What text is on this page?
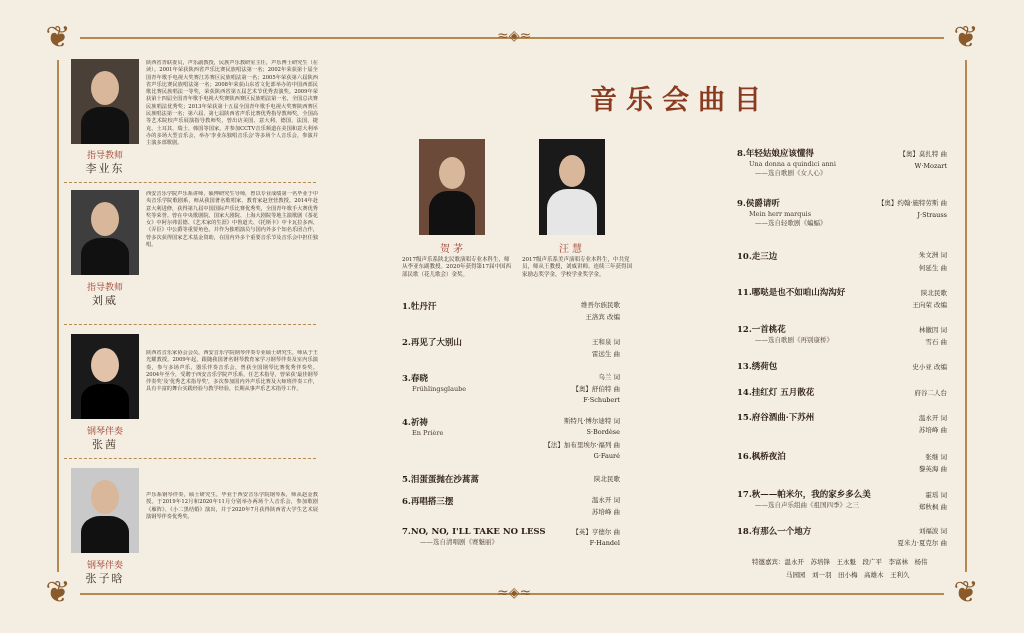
❦	❦
❦	❦
≈◈≈
≈◈≈
指导教师
李业东
陕西省青联委员，声乐副教授，民族声乐教研室主任，声乐博士研究生（在读）。2001年荣获陕西省声乐比赛民族唱法第一名；2002年荣获第十届全国青年歌手电视大奖赛江苏赛区民族唱法第一名；2005年荣获第六届陕西省声乐比赛民族唱法第一名；2008年荣获山东省文化部举办的中国西部民歌比赛民族唱法一等奖，荣获陕西省第五届艺术节优秀表演奖。2009年荣获第十四届全国青年歌手电视大奖赛陕西赛区民族唱法第一名，全国总决赛民族唱法优秀奖；2013年荣获第十五届全国青年歌手电视大奖赛陕西赛区民族唱法第一名；第六届、第七届陕西省声乐比赛优秀指导教师奖，全国高等艺术院校声乐展演指导教师奖，曾出访美国、意大利、德国、法国、捷克、土耳其、瑞士、韩国等国家。并参加CCTV音乐频道在美国和意大利举办的多场大型音乐会，举办'李业东独唱音乐会'等多场个人音乐会，参演并主演多部歌剧。
指导教师
刘威
西安音乐学院声乐系讲师，硕博研究生导师，曾以专业成绩第一名毕业于中央音乐学院歌剧系，师从我国著名歌唱家、教育家赵登营教授。2014年赴意大利进修，获得第九届中国国际声乐比赛优秀奖，全国青年歌手大赛优秀奖等荣誉。曾在中央歌剧院、国家大剧院、上海大剧院等地主演歌剧《茶花女》中阿尔弗雷德、《艺术家的生涯》中鲁道夫、《托斯卡》中卡瓦拉多西、《弄臣》中公爵等重要角色，并作为独唱演员与国内外多个知名乐团合作，曾多次获得国家艺术基金资助，在国内外多个重要音乐节及音乐会中担任独唱。
钢琴伴奏
张茜
陕西省音乐家协会会员，西安音乐学院钢琴伴奏专业硕士研究生，师从于王光耀教授。2009年起，跟随我国著名钢琴教育家学习钢琴伴奏及室内乐演奏，参与多场声乐、器乐伴奏音乐会，曾获全国钢琴比赛优秀伴奏奖。2004年至今，受聘于西安音乐学院声乐系，任艺术指导，曾荣获'最佳钢琴伴奏奖'及'优秀艺术指导奖'，多次参加国内外声乐比赛及大师班伴奏工作，具有丰富的舞台实践经验与教学经验，长期从事声乐艺术指导工作。
钢琴伴奏
张子晗
声乐系钢琴伴奏，硕士研究生，毕业于西安音乐学院钢琴系，师从赵金教授。于2019年12月和2020年11月分别举办两场个人音乐会，参加歌剧《雁阵》、《小二黑结婚》演出，并于2020年7月获得陕西省大学生艺术展演钢琴伴奏优秀奖。
音乐会曲目
贺茅
2017级声乐系陕北民歌演唱专业本科生，师从李亚东副教授。2020年获得第17届中国西部民歌（花儿歌会）金奖。
汪慧
2017级声乐系美声演唱专业本科生，中共党员，师从王教授，刘威讲师。连续三年获得国家励志奖学金，学校学业奖学金。
1.牡丹汗	维吾尔族民歌
王洛宾 改编
2.再见了大别山	王和泉 词
雷远生 曲
3.春晓
Frühlingsglaube
乌兰 词
【奥】舒伯特 曲
F·Schubert
4.祈祷
En Prière
斯特凡·博尔迪特 词
S·Bordèse
【法】加布里埃尔·福列 曲
G·Fauré
5.泪蛋蛋抛在沙蒿蒿	陕北民歌
6.再唱搭三摆	温永开 词
苏培峰 曲
7.NO, NO, I'LL TAKE NO LESS
——选自清唱剧《赛魅丽》
【英】亨德尔 曲
F·Handel
8.年轻姑娘应该懂得
Una donna a quindici anni
——选自歌剧《女人心》
【奥】莫扎特 曲
W·Mozart
9.侯爵请听
Mein herr marquis
——选自轻歌剧《蝙蝠》
【奥】约翰·施特劳斯 曲
J·Strauss
10.走三边	朱文洲 词
何延生 曲
11.哪哒是也不如咱山沟沟好	陕北民歌
王向荣 改编
12.一首桃花
——选自歌剧《再别康桥》
林徽因 词
雪石 曲
13.绣荷包	史小亚 改编
14.挂红灯 五月散花	府谷二人台
15.府谷酒曲·下苏州	温永开 词
苏培峰 曲
16.枫桥夜泊	张继 词
黎英海 曲
17.秋——帕米尔，我的家乡多么美
——选自声乐组曲《祖国四季》之三
霍瑶 词
郑秋枫 曲
18.有那么一个地方	刘福波 词
夏米力·夏克尔 曲
特邀嘉宾：温永开　苏培锋　王永魁　段广平　李富林　杨伟
马园园　刘一羽　田小梅　高雄木　王利久
